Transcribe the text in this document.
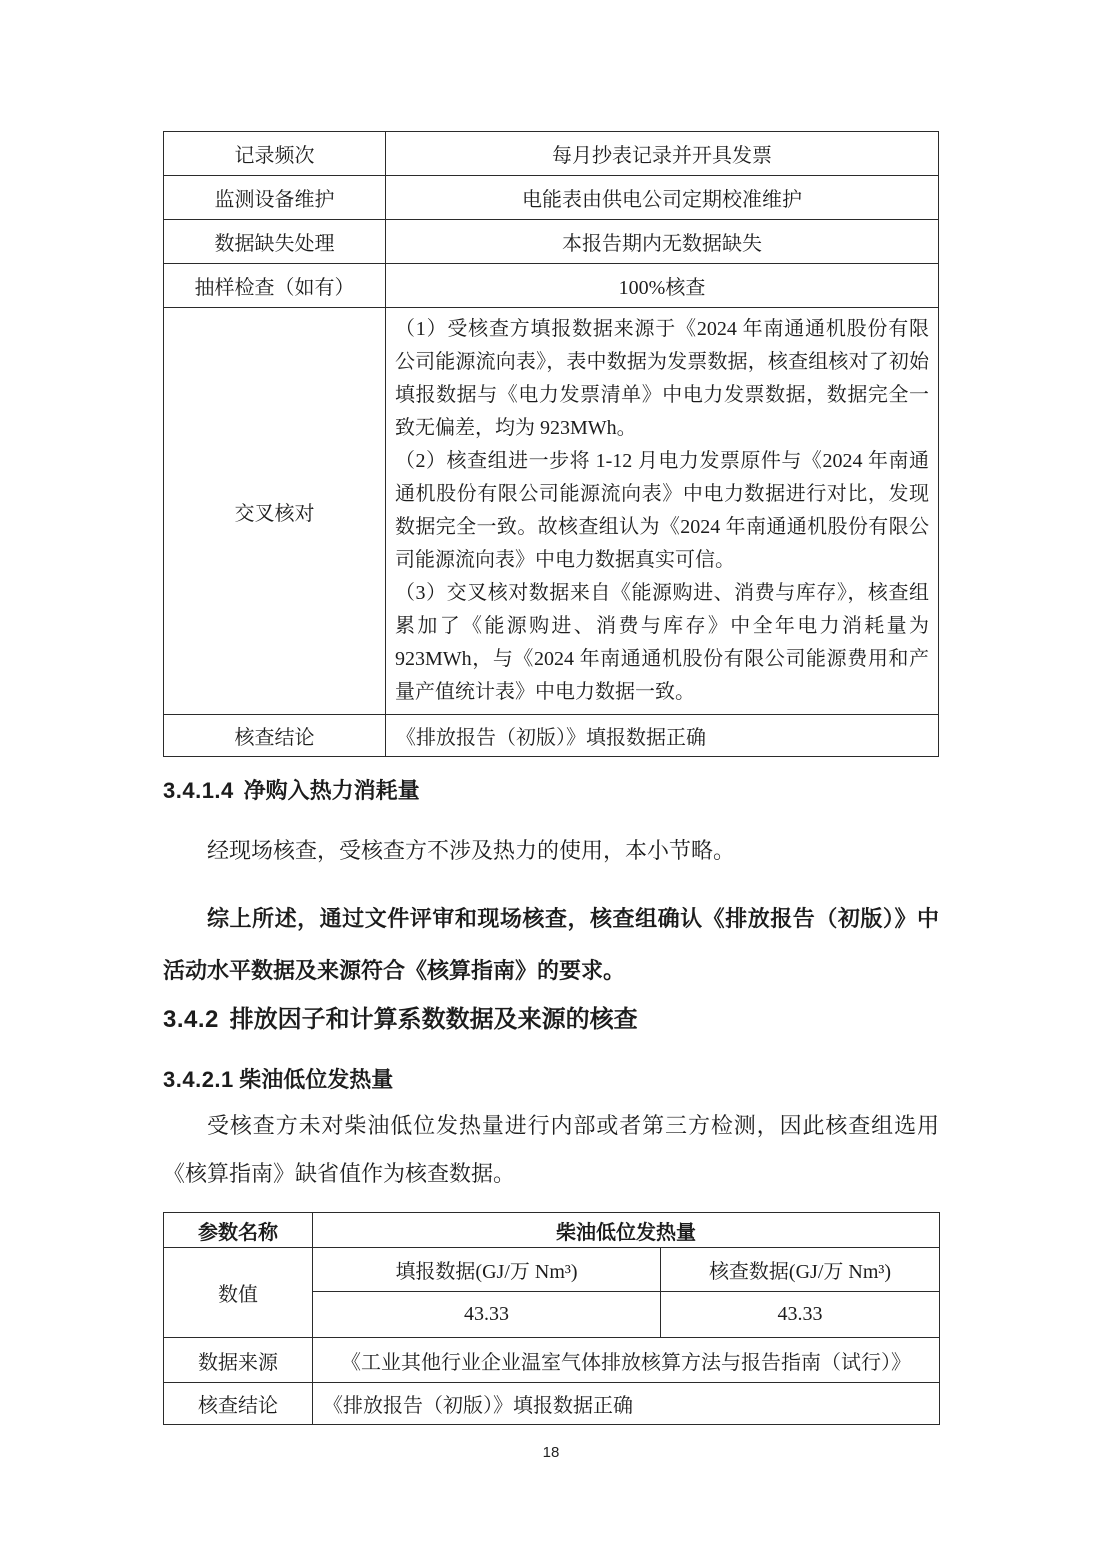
记录频次	每月抄表记录并开具发票
监测设备维护	电能表由供电公司定期校准维护
数据缺失处理	本报告期内无数据缺失
抽样检查（如有）	100%核查
交叉核对	（1）受核查方填报数据来源于《2024 年南通通机股份有限公司能源流向表》，表中数据为发票数据，核查组核对了初始填报数据与《电力发票清单》中电力发票数据，数据完全一致无偏差，均为 923MWh。

（2）核查组进一步将 1-12 月电力发票原件与《2024 年南通通机股份有限公司能源流向表》中电力数据进行对比，发现数据完全一致。故核查组认为《2024 年南通通机股份有限公司能源流向表》中电力数据真实可信。

（3）交叉核对数据来自《能源购进、消费与库存》，核查组累加了《能源购进、消费与库存》中全年电力消耗量为 923MWh，与《2024 年南通通机股份有限公司能源费用和产量产值统计表》中电力数据一致。

核查结论	《排放报告（初版）》填报数据正确
3.4.1.4 净购入热力消耗量

经现场核查，受核查方不涉及热力的使用，本小节略。

综上所述，通过文件评审和现场核查，核查组确认《排放报告（初版）》中活动水平数据及来源符合《核算指南》的要求。

3.4.2 排放因子和计算系数数据及来源的核查
3.4.2.1 柴油低位发热量

受核查方未对柴油低位发热量进行内部或者第三方检测，因此核查组选用《核算指南》缺省值作为核查数据。

参数名称	柴油低位发热量	
数值	填报数据(GJ/万 Nm³)	核查数据(GJ/万 Nm³)
	43.33	43.33
数据来源	《工业其他行业企业温室气体排放核算方法与报告指南（试行）》	
核查结论	《排放报告（初版）》填报数据正确	
18
